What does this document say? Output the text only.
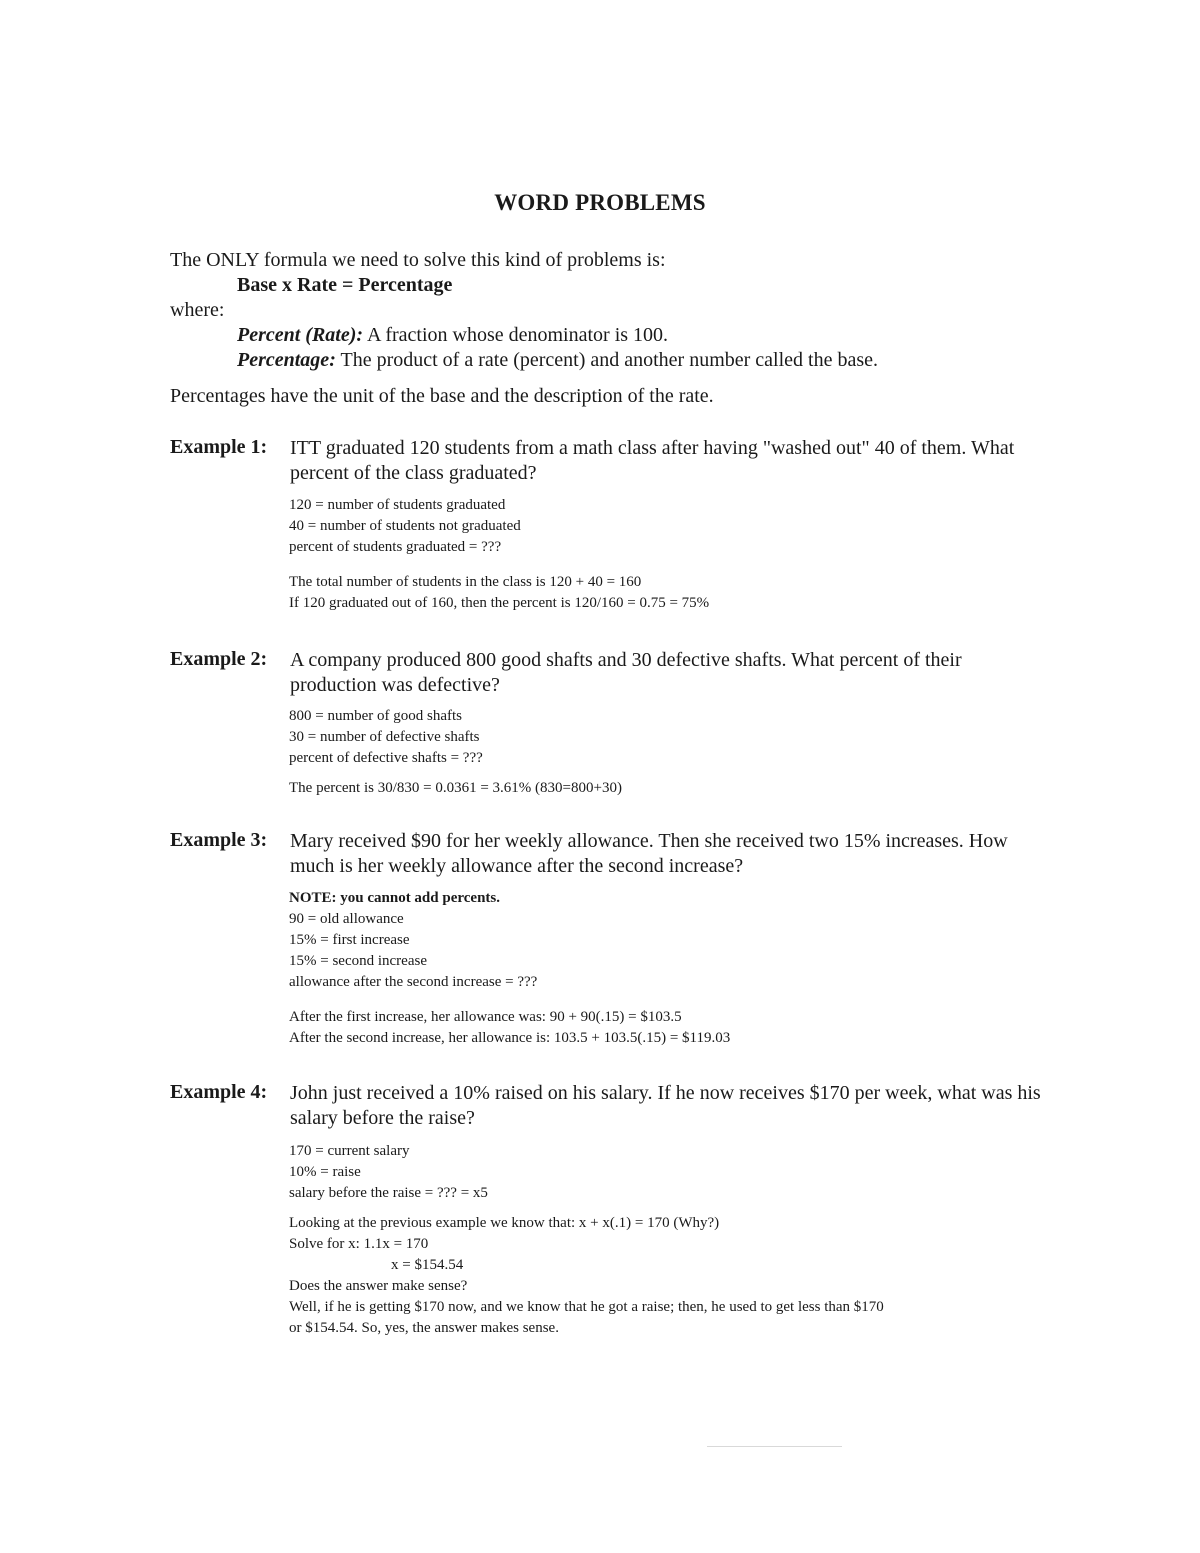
WORD PROBLEMS
The ONLY formula we need to solve this kind of problems is:
Base x Rate = Percentage
where:
Percent (Rate): A fraction whose denominator is 100.
Percentage: The product of a rate (percent) and another number called the base.
Percentages have the unit of the base and the description of the rate.
Example 1: ITT graduated 120 students from a math class after having "washed out" 40 of them. What percent of the class graduated?
120 = number of students graduated
40 = number of students not graduated
percent of students graduated = ???
The total number of students in the class is 120 + 40 = 160
If 120 graduated out of 160, then the percent is 120/160 = 0.75 = 75%
Example 2: A company produced 800 good shafts and 30 defective shafts. What percent of their production was defective?
800 = number of good shafts
30 = number of defective shafts
percent of defective shafts = ???
The percent is 30/830 = 0.0361 = 3.61% (830=800+30)
Example 3: Mary received $90 for her weekly allowance. Then she received two 15% increases. How much is her weekly allowance after the second increase?
NOTE: you cannot add percents.
90 = old allowance
15% = first increase
15% = second increase
allowance after the second increase = ???
After the first increase, her allowance was: 90 + 90(.15) = $103.5
After the second increase, her allowance is: 103.5 + 103.5(.15) = $119.03
Example 4: John just received a 10% raised on his salary. If he now receives $170 per week, what was his salary before the raise?
170 = current salary
10% = raise
salary before the raise = ??? = x5
Looking at the previous example we know that: x + x(.1) = 170 (Why?)
Solve for x: 1.1x = 170
x = $154.54
Does the answer make sense?
Well, if he is getting $170 now, and we know that he got a raise; then, he used to get less than $170
or $154.54. So, yes, the answer makes sense.
